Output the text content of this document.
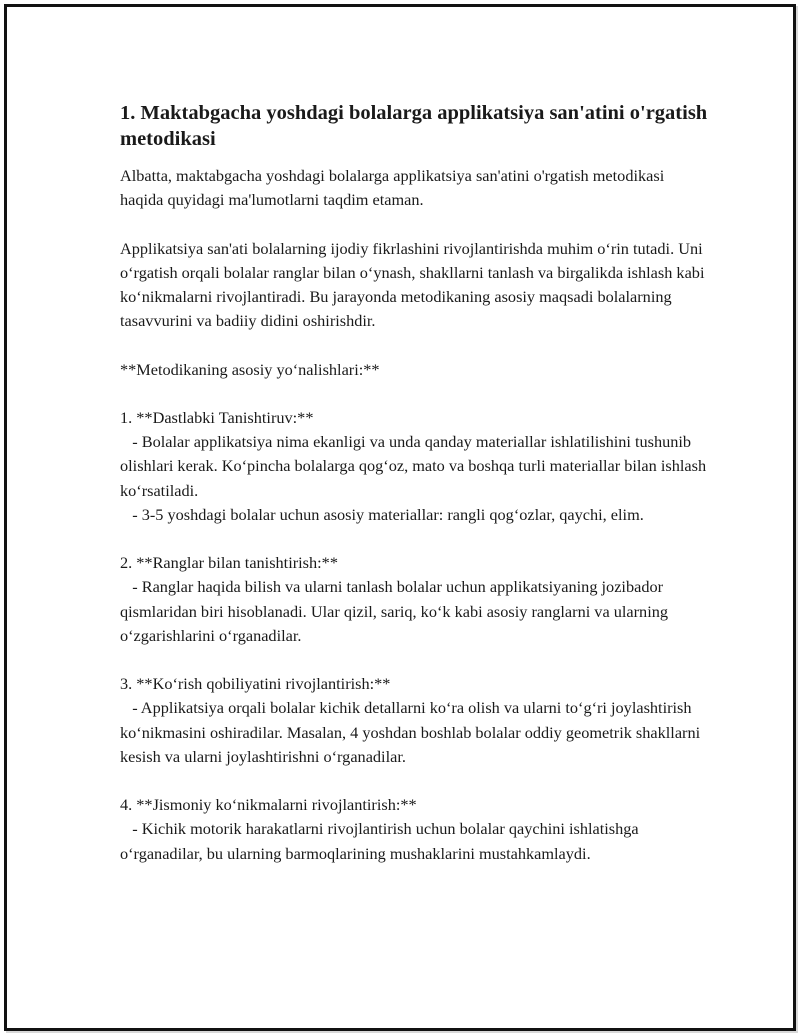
1. Maktabgacha yoshdagi bolalarga applikatsiya san'atini o'rgatish metodikasi
Albatta, maktabgacha yoshdagi bolalarga applikatsiya san'atini o'rgatish metodikasi haqida quyidagi ma'lumotlarni taqdim etaman.
Applikatsiya san'ati bolalarning ijodiy fikrlashini rivojlantirishda muhim o‘rin tutadi. Uni o‘rgatish orqali bolalar ranglar bilan o‘ynash, shakllarni tanlash va birgalikda ishlash kabi ko‘nikmalarni rivojlantiradi. Bu jarayonda metodikaning asosiy maqsadi bolalarning tasavvurini va badiiy didini oshirishdir.
**Metodikaning asosiy yo‘nalishlari:**
1. **Dastlabki Tanishtiruv:**
- Bolalar applikatsiya nima ekanligi va unda qanday materiallar ishlatilishini tushunib olishlari kerak. Ko‘pincha bolalarga qog‘oz, mato va boshqa turli materiallar bilan ishlash ko‘rsatiladi.
- 3-5 yoshdagi bolalar uchun asosiy materiallar: rangli qog‘ozlar, qaychi, elim.
2. **Ranglar bilan tanishtirish:**
- Ranglar haqida bilish va ularni tanlash bolalar uchun applikatsiyaning jozibador qismlaridan biri hisoblanadi. Ular qizil, sariq, ko‘k kabi asosiy ranglarni va ularning o‘zgarishlarini o‘rganadilar.
3. **Ko‘rish qobiliyatini rivojlantirish:**
- Applikatsiya orqali bolalar kichik detallarni ko‘ra olish va ularni to‘g‘ri joylashtirish ko‘nikmasini oshiradilar. Masalan, 4 yoshdan boshlab bolalar oddiy geometrik shakllarni kesish va ularni joylashtirishni o‘rganadilar.
4. **Jismoniy ko‘nikmalarni rivojlantirish:**
- Kichik motorik harakatlarni rivojlantirish uchun bolalar qaychini ishlatishga o‘rganadilar, bu ularning barmoqlarining mushaklarini mustahkamlaydi.
